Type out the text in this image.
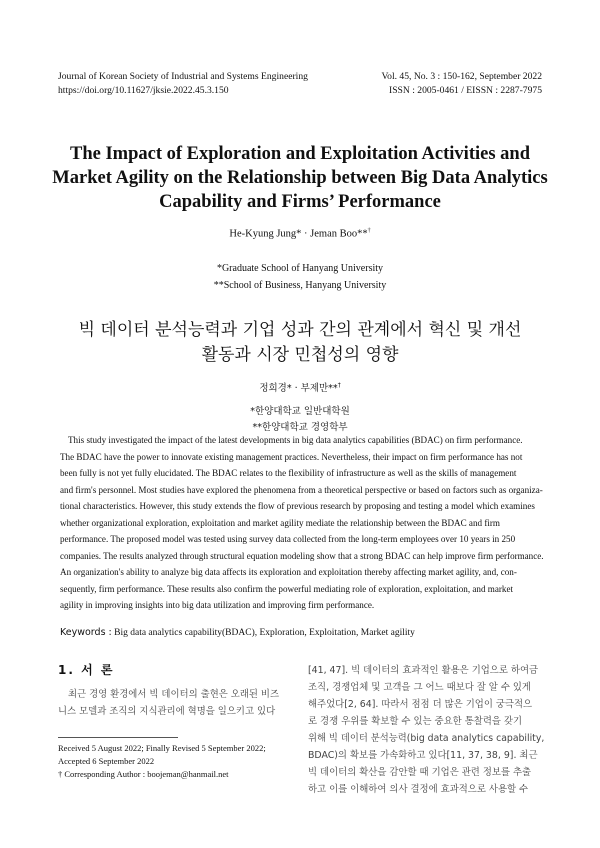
Journal of Korean Society of Industrial and Systems Engineering
https://doi.org/10.11627/jksie.2022.45.3.150
Vol. 45, No. 3 : 150-162, September 2022
ISSN : 2005-0461 / EISSN : 2287-7975
The Impact of Exploration and Exploitation Activities and
Market Agility on the Relationship between Big Data Analytics
Capability and Firms’ Performance
He-Kyung Jung* · Jeman Boo**†
*Graduate School of Hanyang University
**School of Business, Hanyang University
빅 데이터 분석능력과 기업 성과 간의 관계에서 혁신 및 개선
활동과 시장 민첩성의 영향
정희경* · 부제만**†
*한양대학교 일반대학원
**한양대학교 경영학부
This study investigated the impact of the latest developments in big data analytics capabilities (BDAC) on firm performance.
The BDAC have the power to innovate existing management practices. Nevertheless, their impact on firm performance has not
been fully is not yet fully elucidated. The BDAC relates to the flexibility of infrastructure as well as the skills of management
and firm's personnel. Most studies have explored the phenomena from a theoretical perspective or based on factors such as organiza-
tional characteristics. However, this study extends the flow of previous research by proposing and testing a model which examines
whether organizational exploration, exploitation and market agility mediate the relationship between the BDAC and firm
performance. The proposed model was tested using survey data collected from the long-term employees over 10 years in 250
companies. The results analyzed through structural equation modeling show that a strong BDAC can help improve firm performance.
An organization's ability to analyze big data affects its exploration and exploitation thereby affecting market agility, and, con-
sequently, firm performance. These results also confirm the powerful mediating role of exploration, exploitation, and market
agility in improving insights into big data utilization and improving firm performance.
Keywords : Big data analytics capability(BDAC), Exploration, Exploitation, Market agility
1. 서 론
최근 경영 환경에서 빅 데이터의 출현은 오래된 비즈
니스 모델과 조직의 지식관리에 혁명을 일으키고 있다
Received 5 August 2022; Finally Revised 5 September 2022;
Accepted 6 September 2022
† Corresponding Author : boojeman@hanmail.net
[41, 47]. 빅 데이터의 효과적인 활용은 기업으로 하여금
조직, 경쟁업체 및 고객을 그 어느 때보다 잘 알 수 있게
해주었다[2, 64]. 따라서 점점 더 많은 기업이 궁극적으
로 경쟁 우위를 확보할 수 있는 중요한 통찰력을 갖기
위해 빅 데이터 분석능력(big data analytics capability,
BDAC)의 확보를 가속화하고 있다[11, 37, 38, 9]. 최근
빅 데이터의 확산을 감안할 때 기업은 관련 정보를 추출
하고 이를 이해하여 의사 결정에 효과적으로 사용할 수
